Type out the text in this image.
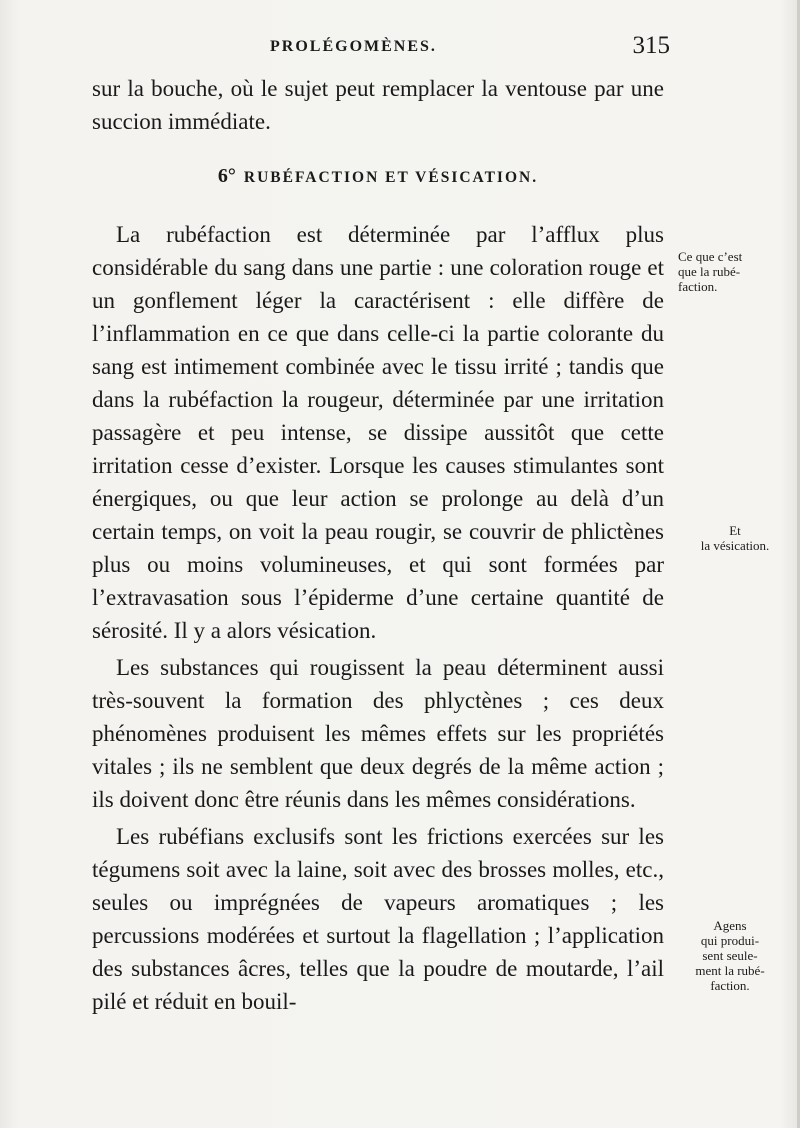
PROLÉGOMÈNES.	315

sur la bouche, où le sujet peut remplacer la ventouse par une succion immédiate.

6° RUBÉFACTION ET VÉSICATION.

La rubéfaction est déterminée par l’afflux plus considérable du sang dans une partie : une coloration rouge et un gonflement léger la caractérisent : elle diffère de l’inflammation en ce que dans celle-ci la partie colorante du sang est intimement combinée avec le tissu irrité ; tandis que dans la rubéfaction la rougeur, déterminée par une irritation passagère et peu intense, se dissipe aussitôt que cette irritation cesse d’exister. Lorsque les causes stimulantes sont énergiques, ou que leur action se prolonge au delà d’un certain temps, on voit la peau rougir, se couvrir de phlictènes plus ou moins volumineuses, et qui sont formées par l’extravasation sous l’épiderme d’une certaine quantité de sérosité. Il y a alors vésication.

Les substances qui rougissent la peau déterminent aussi très-souvent la formation des phlyctènes ; ces deux phénomènes produisent les mêmes effets sur les propriétés vitales ; ils ne semblent que deux degrés de la même action ; ils doivent donc être réunis dans les mêmes considérations.

Les rubéfians exclusifs sont les frictions exercées sur les tégumens soit avec la laine, soit avec des brosses molles, etc., seules ou imprégnées de vapeurs aromatiques ; les percussions modérées et surtout la flagellation ; l’application des substances âcres, telles que la poudre de moutarde, l’ail pilé et réduit en bouil-

Ce que c’est
que la rubé-
faction.
Et
la vésication.
Agens
qui produi-
sent seule-
ment la rubé-
faction.
